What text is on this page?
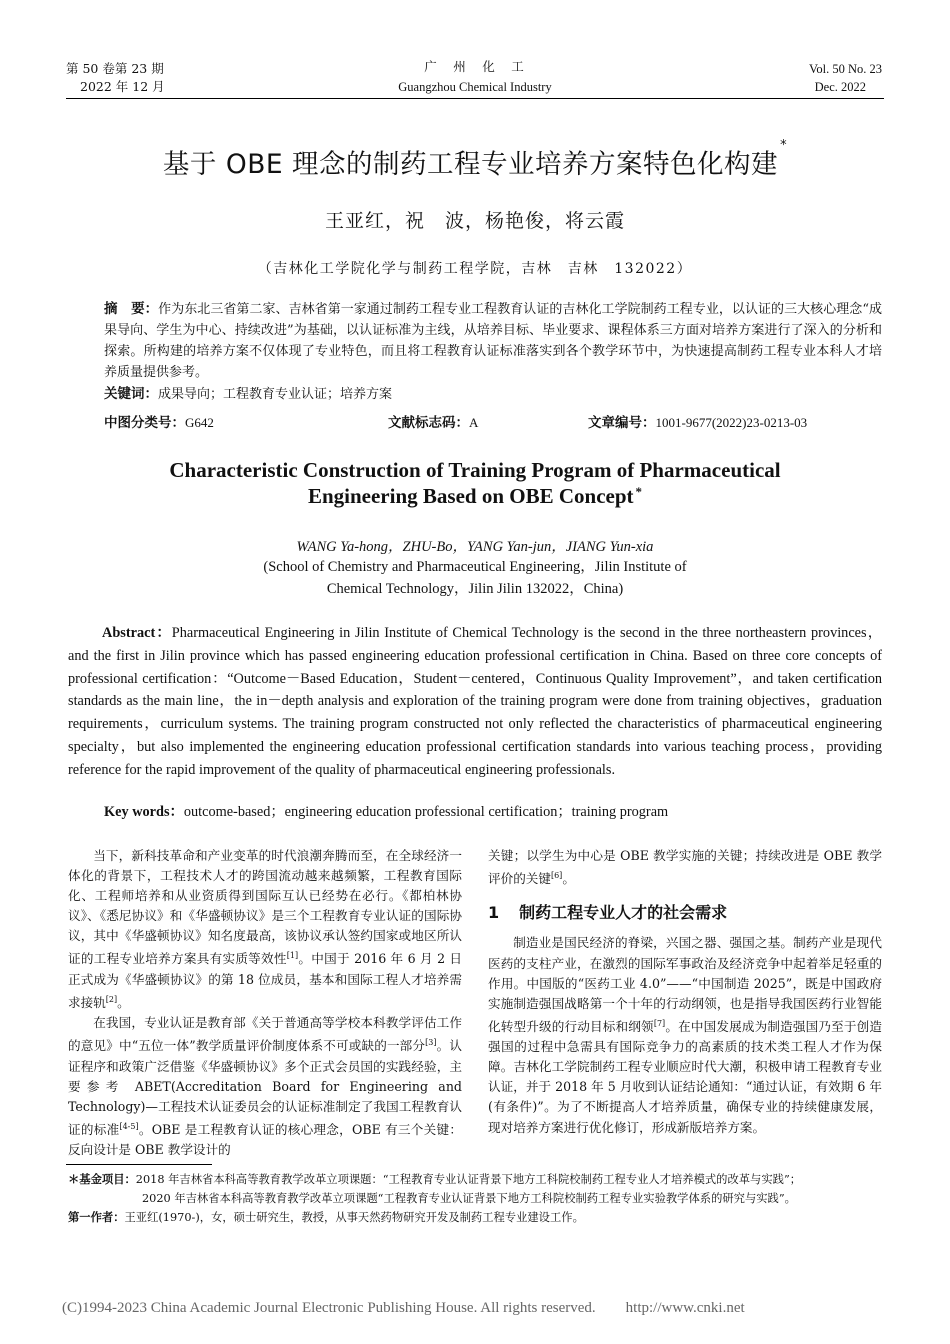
第 50 卷第 23 期
2022 年 12 月
广　州　化　工
Guangzhou Chemical Industry
Vol. 50 No. 23
Dec. 2022
基于 OBE 理念的制药工程专业培养方案特色化构建*
王亚红，祝　波，杨艳俊，将云霞
（吉林化工学院化学与制药工程学院，吉林　吉林　132022）
摘　要：作为东北三省第二家、吉林省第一家通过制药工程专业工程教育认证的吉林化工学院制药工程专业，以认证的三大核心理念“成果导向、学生为中心、持续改进”为基础，以认证标准为主线，从培养目标、毕业要求、课程体系三方面对培养方案进行了深入的分析和探索。所构建的培养方案不仅体现了专业特色，而且将工程教育认证标准落实到各个教学环节中，为快速提高制药工程专业本科人才培养质量提供参考。
关键词：成果导向；工程教育专业认证；培养方案
中图分类号：G642	文献标志码：A	文章编号：1001-9677(2022)23-0213-03
Characteristic Construction of Training Program of Pharmaceutical
Engineering Based on OBE Concept *
WANG Ya-hong，ZHU-Bo，YANG Yan-jun，JIANG Yun-xia
(School of Chemistry and Pharmaceutical Engineering，Jilin Institute of
Chemical Technology，Jilin Jilin 132022，China)
Abstract：Pharmaceutical Engineering in Jilin Institute of Chemical Technology is the second in the three northeastern provinces，and the first in Jilin province which has passed engineering education professional certification in China. Based on three core concepts of professional certification：“Outcome－Based Education，Student－centered，Continuous Quality Improvement”，and taken certification standards as the main line，the in－depth analysis and exploration of the training program were done from training objectives，graduation requirements，curriculum systems. The training program constructed not only reflected the characteristics of pharmaceutical engineering specialty，but also implemented the engineering education professional certification standards into various teaching process，providing reference for the rapid improvement of the quality of pharmaceutical engineering professionals.
Key words：outcome-based；engineering education professional certification；training program

当下，新科技革命和产业变革的时代浪潮奔腾而至，在全球经济一体化的背景下，工程技术人才的跨国流动越来越频繁，工程教育国际化、工程师培养和从业资质得到国际互认已经势在必行。《都柏林协议》、《悉尼协议》和《华盛顿协议》是三个工程教育专业认证的国际协议，其中《华盛顿协议》知名度最高，该协议承认签约国家或地区所认证的工程专业培养方案具有实质等效性[1]。中国于 2016 年 6 月 2 日正式成为《华盛顿协议》的第 18 位成员，基本和国际工程人才培养需求接轨[2]。

在我国，专业认证是教育部《关于普通高等学校本科教学评估工作的意见》中“五位一体”教学质量评价制度体系不可或缺的一部分[3]。认证程序和政策广泛借鉴《华盛顿协议》多个正式会员国的实践经验，主要参考 ABET(Accreditation Board for Engineering and Technology)—工程技术认证委员会的认证标准制定了我国工程教育认证的标准[4-5]。OBE 是工程教育认证的核心理念，OBE 有三个关键：反向设计是 OBE 教学设计的

关键；以学生为中心是 OBE 教学实施的关键；持续改进是 OBE 教学评价的关键[6]。

1 制药工程专业人才的社会需求

制造业是国民经济的脊梁，兴国之器、强国之基。制药产业是现代医药的支柱产业，在激烈的国际军事政治及经济竞争中起着举足轻重的作用。中国版的“医药工业 4.0”——“中国制造 2025”，既是中国政府实施制造强国战略第一个十年的行动纲领，也是指导我国医药行业智能化转型升级的行动目标和纲领[7]。在中国发展成为制造强国乃至于创造强国的过程中急需具有国际竞争力的高素质的技术类工程人才作为保障。吉林化工学院制药工程专业顺应时代大潮，积极申请工程教育专业认证，并于 2018 年 5 月收到认证结论通知：“通过认证，有效期 6 年(有条件)”。为了不断提高人才培养质量，确保专业的持续健康发展，现对培养方案进行优化修订，形成新版培养方案。

＊基金项目：2018 年吉林省本科高等教育教学改革立项课题：“工程教育专业认证背景下地方工科院校制药工程专业人才培养模式的改革与实践”；
2020 年吉林省本科高等教育教学改革立项课题“工程教育专业认证背景下地方工科院校制药工程专业实验教学体系的研究与实践”。
第一作者：王亚红(1970-)，女，硕士研究生，教授，从事天然药物研究开发及制药工程专业建设工作。
(C)1994-2023 China Academic Journal Electronic Publishing House. All rights reserved.　　http://www.cnki.net
